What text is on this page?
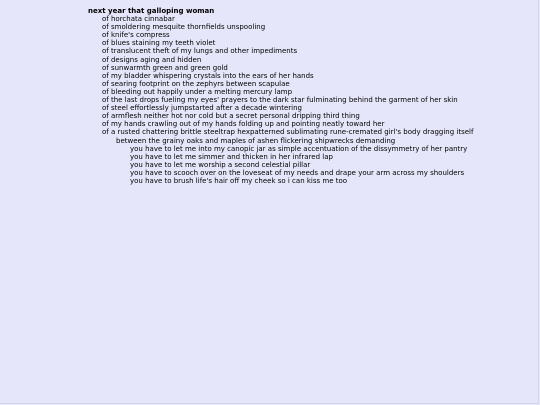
next year that galloping woman

of horchata cinnabar

of smoldering mesquite thornfields unspooling

of knife's compress

of blues staining my teeth violet

of translucent theft of my lungs and other impediments

of designs aging and hidden

of sunwarmth green and green gold

of my bladder whispering crystals into the ears of her hands

of searing footprint on the zephyrs between scapulae

of bleeding out happily under a melting mercury lamp

of the last drops fueling my eyes' prayers to the dark star fulminating behind the garment of her skin

of steel effortlessly jumpstarted after a decade wintering

of armflesh neither hot nor cold but a secret personal dripping third thing

of my hands crawling out of my hands folding up and pointing neatly toward her

of a rusted chattering brittle steeltrap hexpatterned sublimating rune-cremated girl's body dragging itself

between the grainy oaks and maples of ashen flickering shipwrecks demanding

you have to let me into my canopic jar as simple accentuation of the dissymmetry of her pantry

you have to let me simmer and thicken in her infrared lap

you have to let me worship a second celestial pillar

you have to scooch over on the loveseat of my needs and drape your arm across my shoulders

you have to brush life's hair off my cheek so i can kiss me too
